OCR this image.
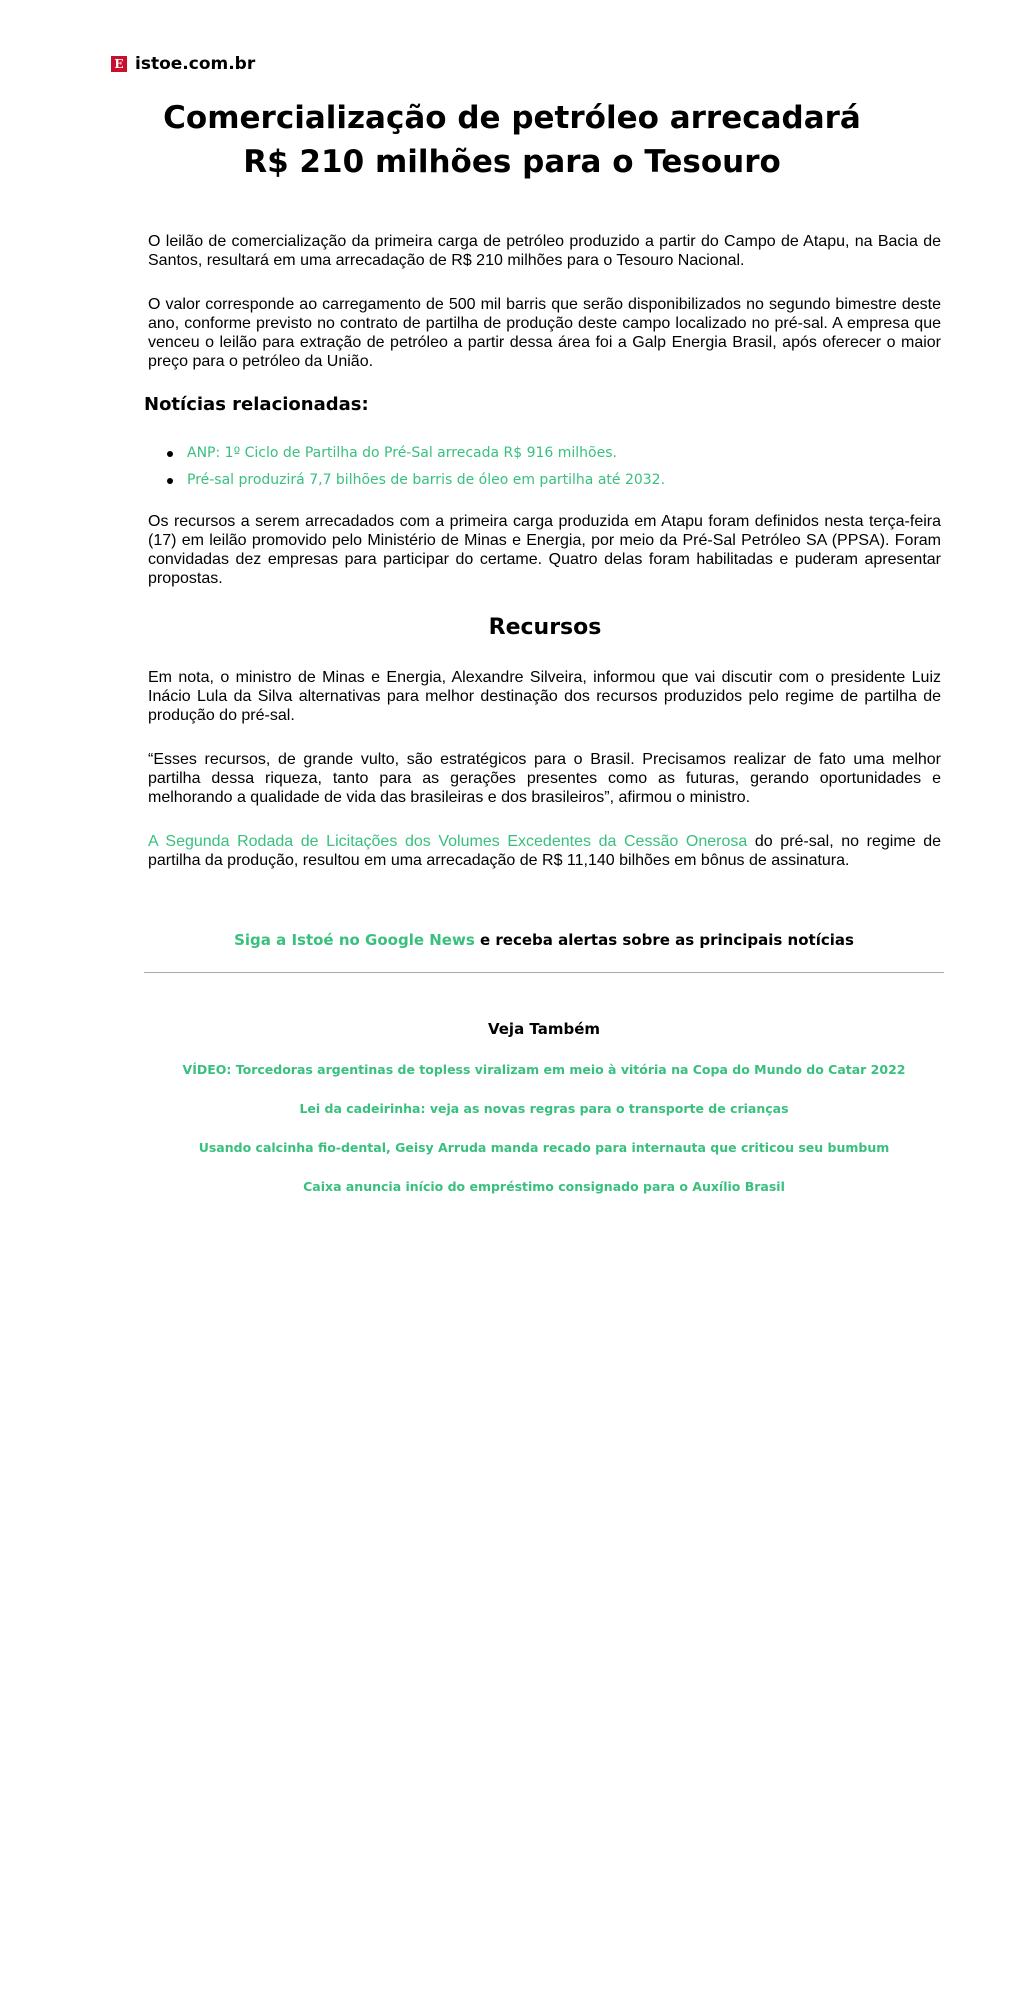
E istoe.com.br
Comercialização de petróleo arrecadará R$ 210 milhões para o Tesouro

O leilão de comercialização da primeira carga de petróleo produzido a partir do Campo de Atapu, na Bacia de Santos, resultará em uma arrecadação de R$ 210 milhões para o Tesouro Nacional.

O valor corresponde ao carregamento de 500 mil barris que serão disponibilizados no segundo bimestre deste ano, conforme previsto no contrato de partilha de produção deste campo localizado no pré-sal. A empresa que venceu o leilão para extração de petróleo a partir dessa área foi a Galp Energia Brasil, após oferecer o maior preço para o petróleo da União.

Notícias relacionadas:
ANP: 1º Ciclo de Partilha do Pré-Sal arrecada R$ 916 milhões.
Pré-sal produzirá 7,7 bilhões de barris de óleo em partilha até 2032.

Os recursos a serem arrecadados com a primeira carga produzida em Atapu foram definidos nesta terça-feira (17) em leilão promovido pelo Ministério de Minas e Energia, por meio da Pré-Sal Petróleo SA (PPSA). Foram convidadas dez empresas para participar do certame. Quatro delas foram habilitadas e puderam apresentar propostas.

Recursos

Em nota, o ministro de Minas e Energia, Alexandre Silveira, informou que vai discutir com o presidente Luiz Inácio Lula da Silva alternativas para melhor destinação dos recursos produzidos pelo regime de partilha de produção do pré-sal.

“Esses recursos, de grande vulto, são estratégicos para o Brasil. Precisamos realizar de fato uma melhor partilha dessa riqueza, tanto para as gerações presentes como as futuras, gerando oportunidades e melhorando a qualidade de vida das brasileiras e dos brasileiros”, afirmou o ministro.

A Segunda Rodada de Licitações dos Volumes Excedentes da Cessão Onerosa do pré-sal, no regime de partilha da produção, resultou em uma arrecadação de R$ 11,140 bilhões em bônus de assinatura.

Siga a Istoé no Google News e receba alertas sobre as principais notícias
Veja Também
VÍDEO: Torcedoras argentinas de topless viralizam em meio à vitória na Copa do Mundo do Catar 2022
Lei da cadeirinha: veja as novas regras para o transporte de crianças
Usando calcinha fio-dental, Geisy Arruda manda recado para internauta que criticou seu bumbum
Caixa anuncia início do empréstimo consignado para o Auxílio Brasil
